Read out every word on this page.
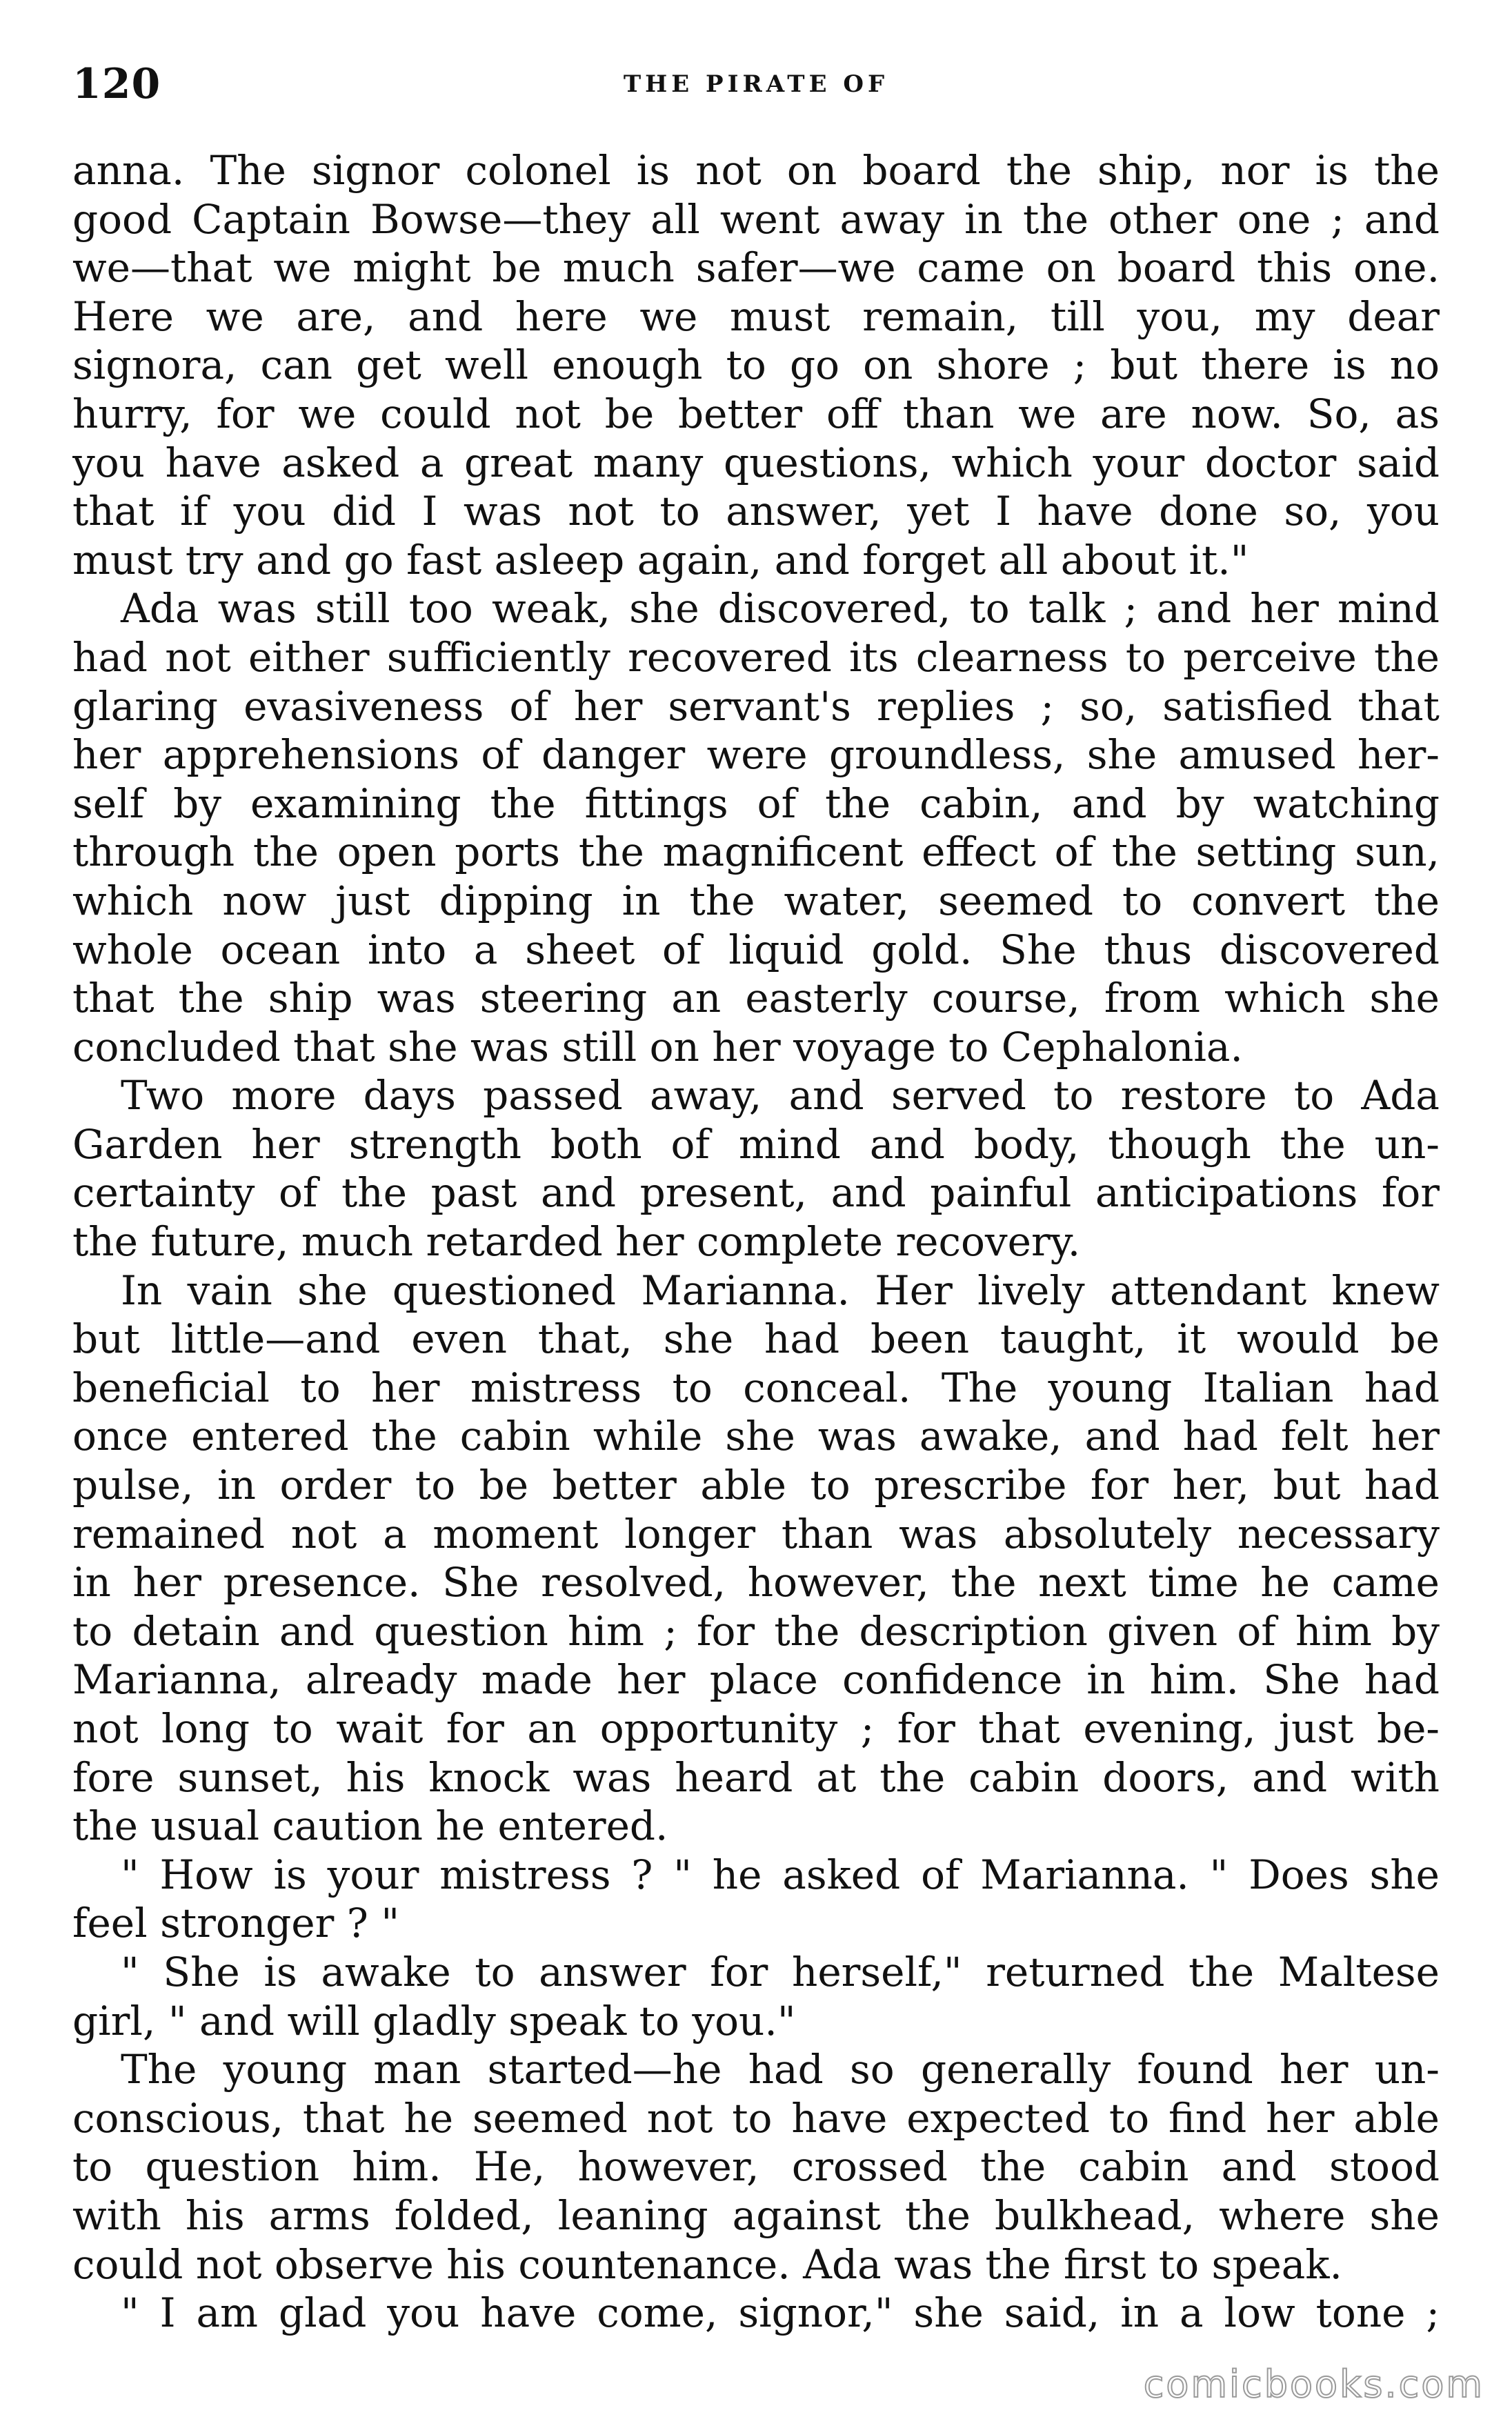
120	THE PIRATE OF
anna. The signor colonel is not on board the ship, nor is the
good Captain Bowse—they all went away in the other one ; and
we—that we might be much safer—we came on board this one.
Here we are, and here we must remain, till you, my dear
signora, can get well enough to go on shore ; but there is no
hurry, for we could not be better off than we are now. So, as
you have asked a great many questions, which your doctor said
that if you did I was not to answer, yet I have done so, you
must try and go fast asleep again, and forget all about it."
Ada was still too weak, she discovered, to talk ; and her mind
had not either sufficiently recovered its clearness to perceive the
glaring evasiveness of her servant's replies ; so, satisfied that
her apprehensions of danger were groundless, she amused her-
self by examining the fittings of the cabin, and by watching
through the open ports the magnificent effect of the setting sun,
which now just dipping in the water, seemed to convert the
whole ocean into a sheet of liquid gold. She thus discovered
that the ship was steering an easterly course, from which she
concluded that she was still on her voyage to Cephalonia.
Two more days passed away, and served to restore to Ada
Garden her strength both of mind and body, though the un-
certainty of the past and present, and painful anticipations for
the future, much retarded her complete recovery.
In vain she questioned Marianna. Her lively attendant knew
but little—and even that, she had been taught, it would be
beneficial to her mistress to conceal. The young Italian had
once entered the cabin while she was awake, and had felt her
pulse, in order to be better able to prescribe for her, but had
remained not a moment longer than was absolutely necessary
in her presence. She resolved, however, the next time he came
to detain and question him ; for the description given of him by
Marianna, already made her place confidence in him. She had
not long to wait for an opportunity ; for that evening, just be-
fore sunset, his knock was heard at the cabin doors, and with
the usual caution he entered.
" How is your mistress ? " he asked of Marianna. " Does she
feel stronger ? "
" She is awake to answer for herself," returned the Maltese
girl, " and will gladly speak to you."
The young man started—he had so generally found her un-
conscious, that he seemed not to have expected to find her able
to question him. He, however, crossed the cabin and stood
with his arms folded, leaning against the bulkhead, where she
could not observe his countenance. Ada was the first to speak.
" I am glad you have come, signor," she said, in a low tone ;
comicbooks.com
